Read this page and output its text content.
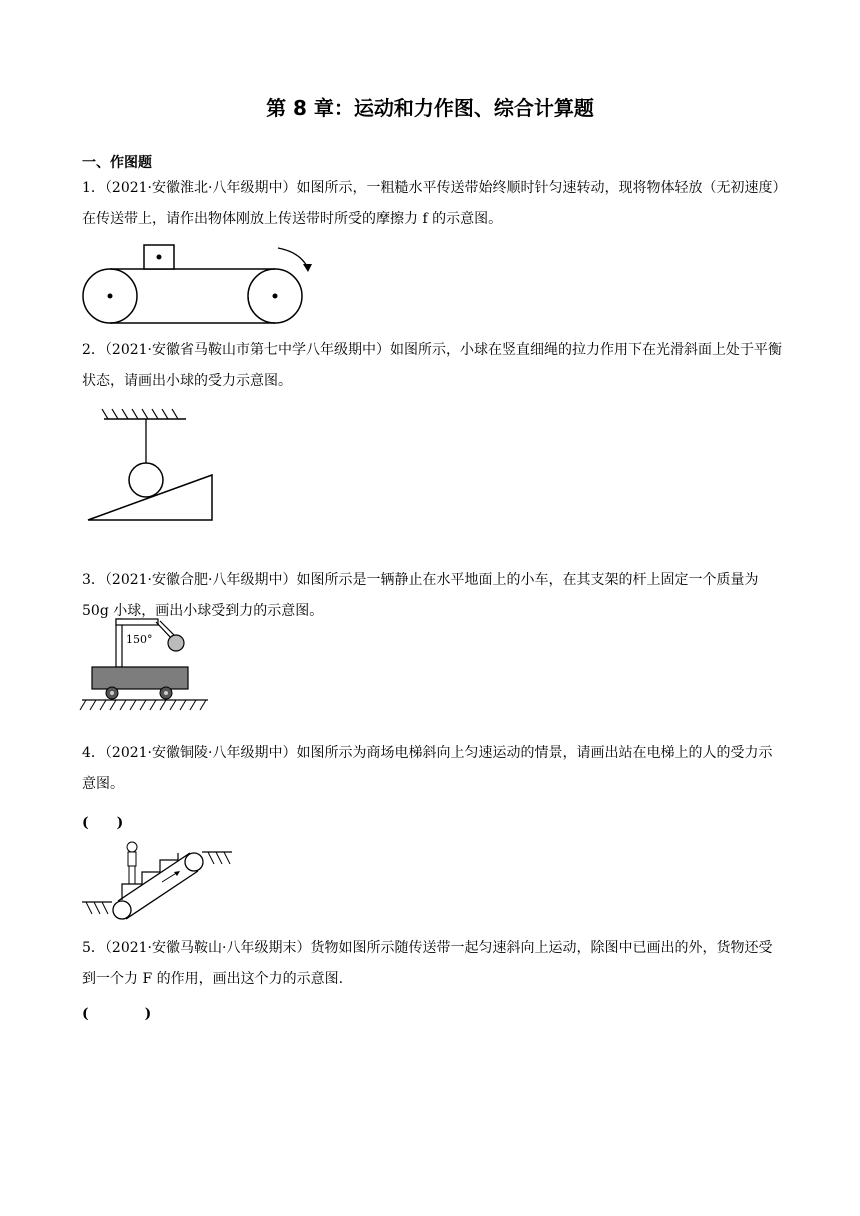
第 8 章：运动和力作图、综合计算题
一、作图题
1．（2021·安徽淮北·八年级期中）如图所示，一粗糙水平传送带始终顺时针匀速转动，现将物体轻放（无初速度）在传送带上，请作出物体刚放上传送带时所受的摩擦力 f 的示意图。
2．（2021·安徽省马鞍山市第七中学八年级期中）如图所示，小球在竖直细绳的拉力作用下在光滑斜面上处于平衡状态，请画出小球的受力示意图。
3．（2021·安徽合肥·八年级期中）如图所示是一辆静止在水平地面上的小车，在其支架的杆上固定一个质量为 50g 小球，画出小球受到力的示意图。
150°
4．（2021·安徽铜陵·八年级期中）如图所示为商场电梯斜向上匀速运动的情景，请画出站在电梯上的人的受力示意图。
(　　)
5．（2021·安徽马鞍山·八年级期末）货物如图所示随传送带一起匀速斜向上运动，除图中已画出的外，货物还受到一个力 F 的作用，画出这个力的示意图.
(　　　　)
